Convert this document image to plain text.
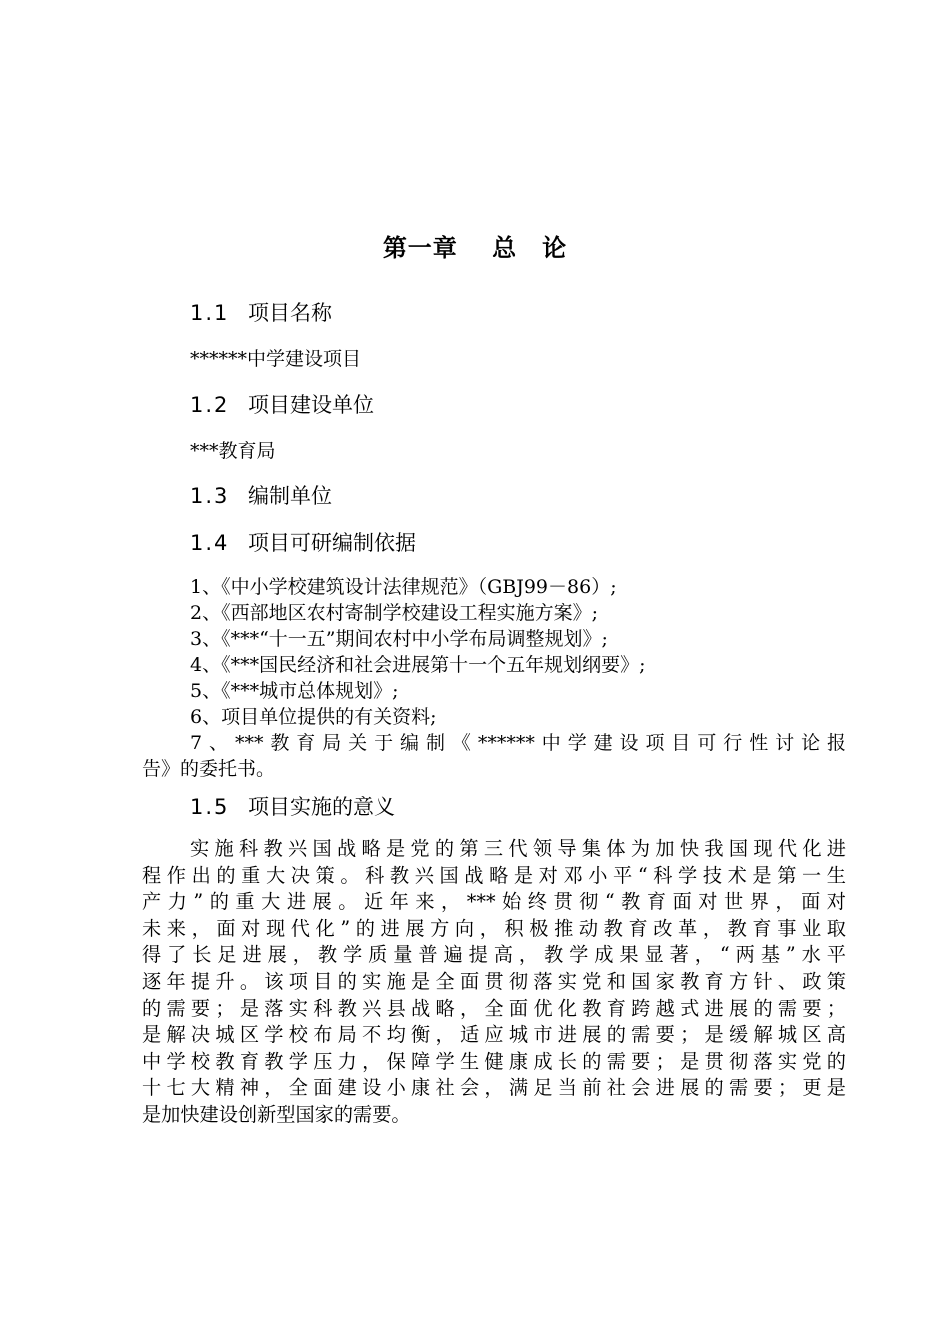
第一章　 总　论
1.1 项目名称

******中学建设项目

1.2 项目建设单位

***教育局

1.3 编制单位
1.4 项目可研编制依据

1、《中小学校建筑设计法律规范》（GBJ99－86）;

2、《西部地区农村寄制学校建设工程实施方案》;

3、《***“十一五”期间农村中小学布局调整规划》;

4、《***国民经济和社会进展第十一个五年规划纲要》;

5、《***城市总体规划》;

6、项目单位提供的有关资料;

7、***教育局关于编制《******中学建设项目可行性讨论报

告》的委托书。

1.5 项目实施的意义
实施科教兴国战略是党的第三代领导集体为加快我国现代化进
程作出的重大决策。科教兴国战略是对邓小平“科学技术是第一生
产力”的重大进展。近年来，***始终贯彻“教育面对世界，面对
未来，面对现代化”的进展方向，积极推动教育改革，教育事业取
得了长足进展，教学质量普遍提高，教学成果显著，“两基”水平
逐年提升。该项目的实施是全面贯彻落实党和国家教育方针、政策
的需要；是落实科教兴县战略，全面优化教育跨越式进展的需要；
是解决城区学校布局不均衡，适应城市进展的需要；是缓解城区高
中学校教育教学压力，保障学生健康成长的需要；是贯彻落实党的
十七大精神，全面建设小康社会，满足当前社会进展的需要；更是
是加快建设创新型国家的需要。
